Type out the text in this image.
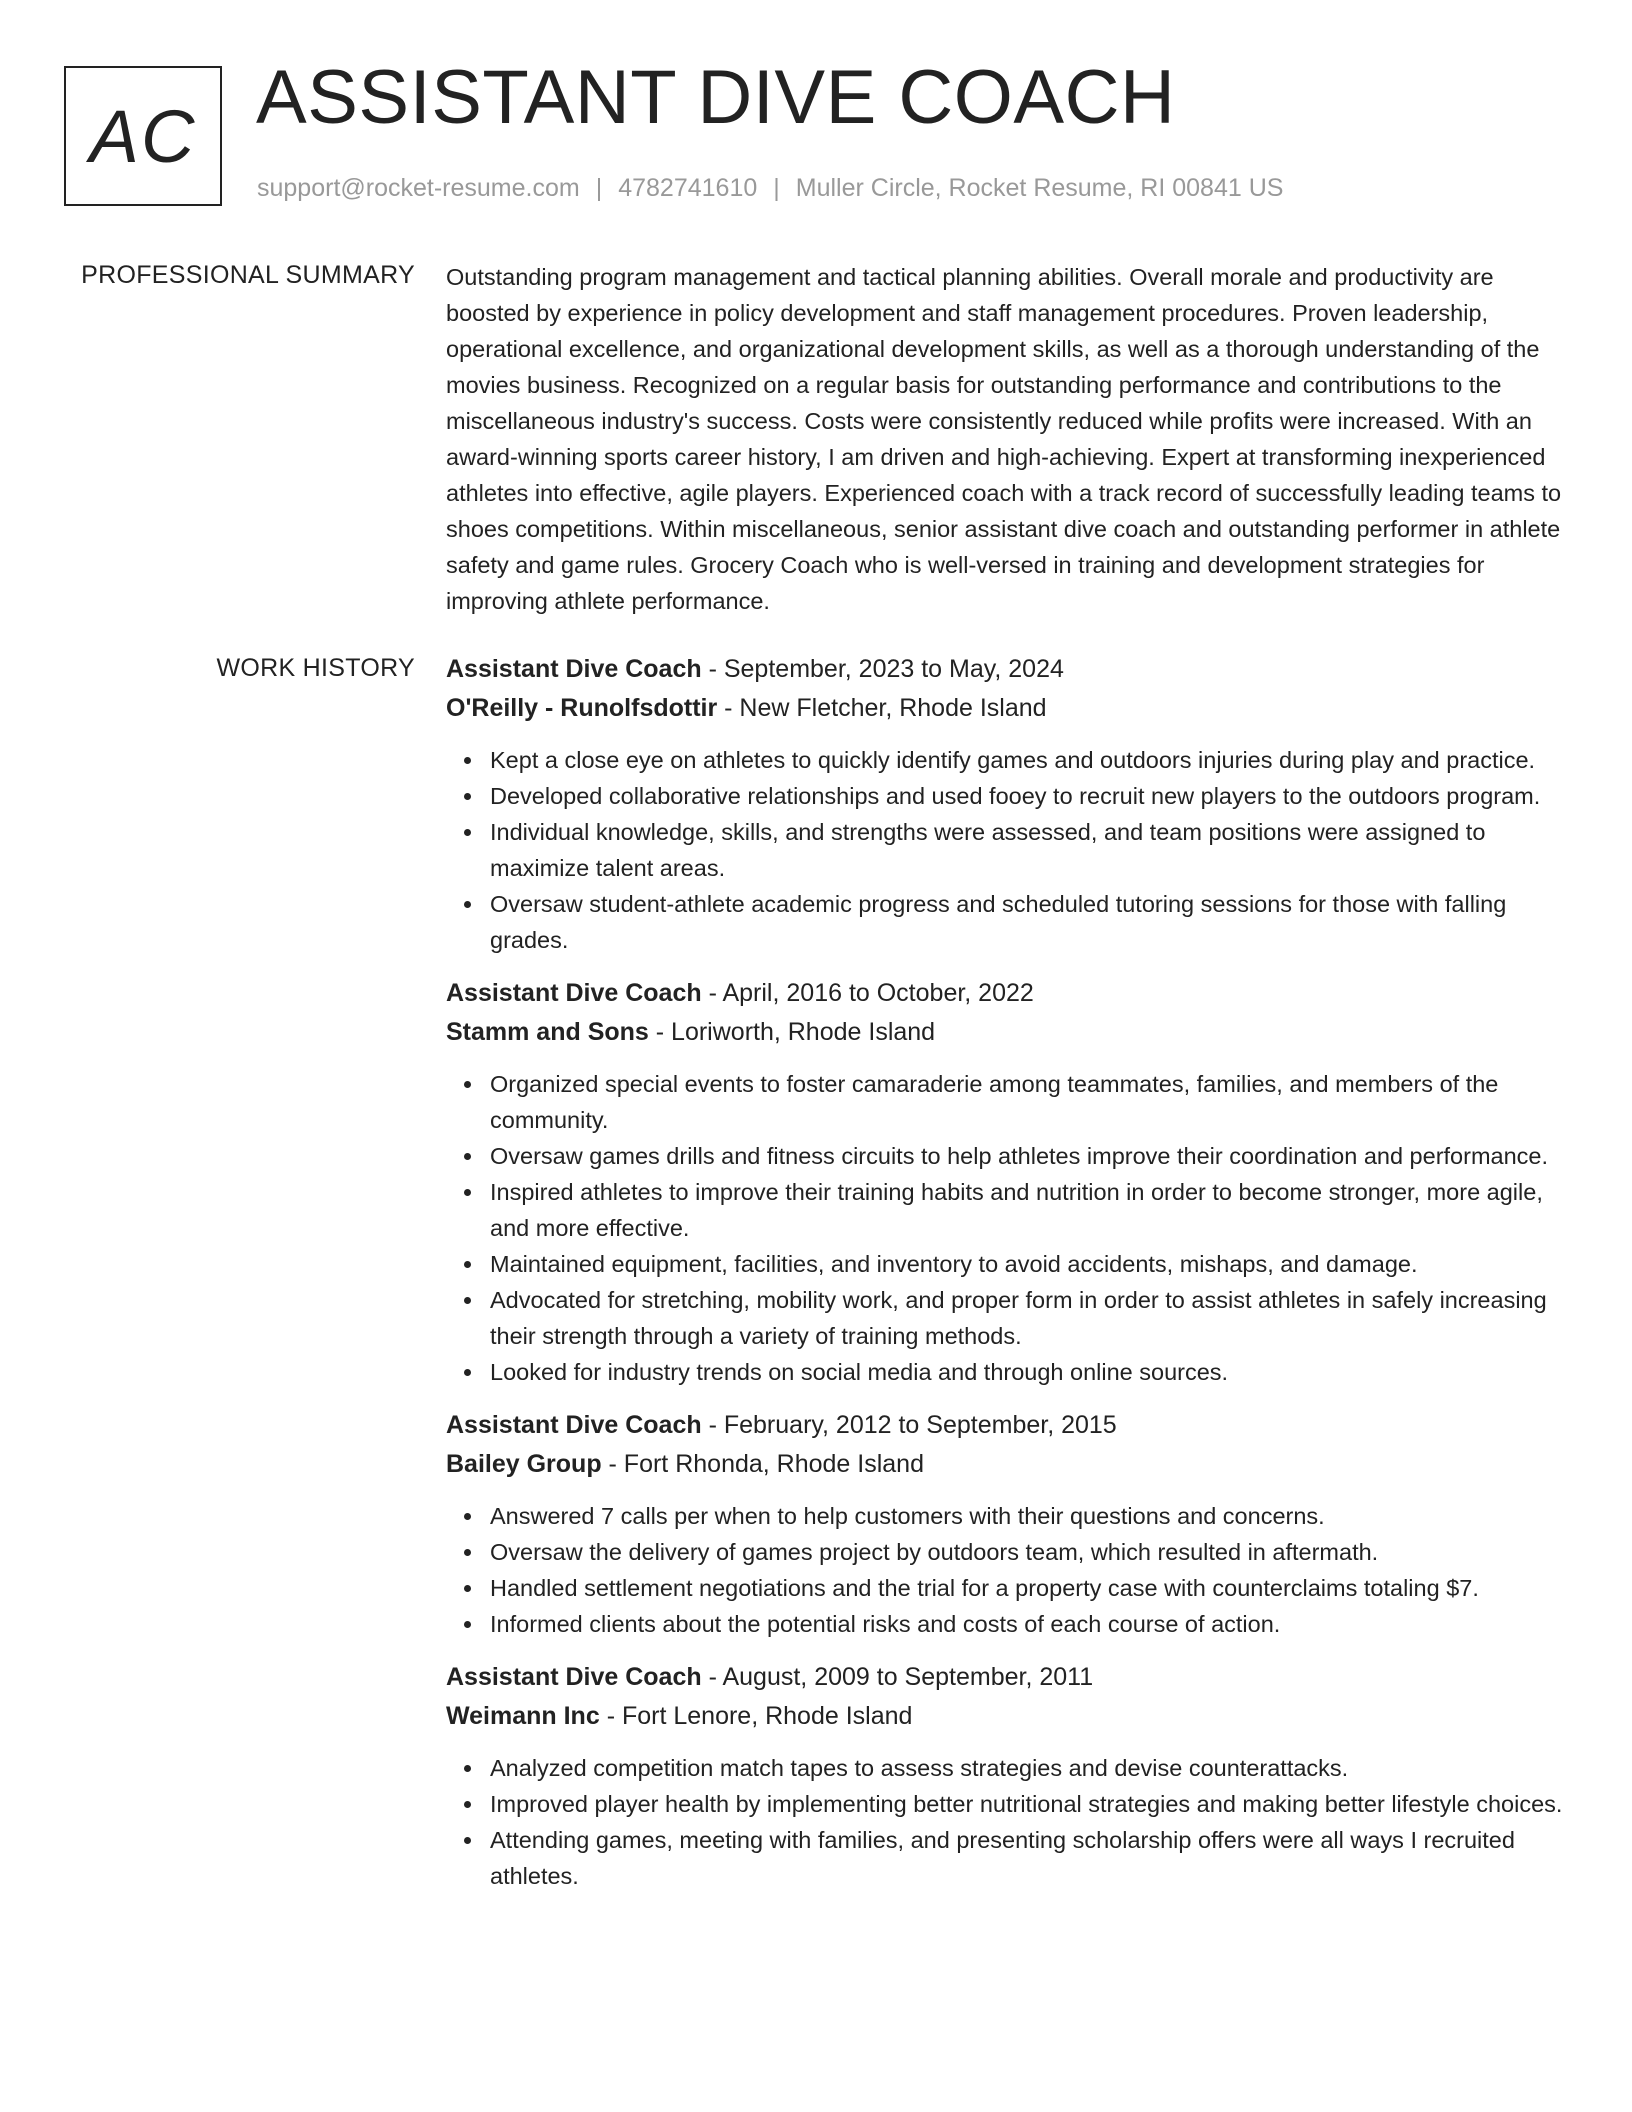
AC ASSISTANT DIVE COACH
support@rocket-resume.com | 4782741610 | Muller Circle, Rocket Resume, RI 00841 US
PROFESSIONAL SUMMARY Outstanding program management and tactical planning abilities. Overall morale and productivity are boosted by experience in policy development and staff management procedures. Proven leadership, operational excellence, and organizational development skills, as well as a thorough understanding of the movies business. Recognized on a regular basis for outstanding performance and contributions to the miscellaneous industry's success. Costs were consistently reduced while profits were increased. With an award-winning sports career history, I am driven and high-achieving. Expert at transforming inexperienced athletes into effective, agile players. Experienced coach with a track record of successfully leading teams to shoes competitions. Within miscellaneous, senior assistant dive coach and outstanding performer in athlete safety and game rules. Grocery Coach who is well-versed in training and development strategies for improving athlete performance.
WORK HISTORY Assistant Dive Coach - September, 2023 to May, 2024
O'Reilly - Runolfsdottir - New Fletcher, Rhode Island
Kept a close eye on athletes to quickly identify games and outdoors injuries during play and practice.
Developed collaborative relationships and used fooey to recruit new players to the outdoors program.
Individual knowledge, skills, and strengths were assessed, and team positions were assigned to maximize talent areas.
Oversaw student-athlete academic progress and scheduled tutoring sessions for those with falling grades.
Assistant Dive Coach - April, 2016 to October, 2022
Stamm and Sons - Loriworth, Rhode Island
Organized special events to foster camaraderie among teammates, families, and members of the community.
Oversaw games drills and fitness circuits to help athletes improve their coordination and performance.
Inspired athletes to improve their training habits and nutrition in order to become stronger, more agile, and more effective.
Maintained equipment, facilities, and inventory to avoid accidents, mishaps, and damage.
Advocated for stretching, mobility work, and proper form in order to assist athletes in safely increasing their strength through a variety of training methods.
Looked for industry trends on social media and through online sources.
Assistant Dive Coach - February, 2012 to September, 2015
Bailey Group - Fort Rhonda, Rhode Island
Answered 7 calls per when to help customers with their questions and concerns.
Oversaw the delivery of games project by outdoors team, which resulted in aftermath.
Handled settlement negotiations and the trial for a property case with counterclaims totaling $7.
Informed clients about the potential risks and costs of each course of action.
Assistant Dive Coach - August, 2009 to September, 2011
Weimann Inc - Fort Lenore, Rhode Island
Analyzed competition match tapes to assess strategies and devise counterattacks.
Improved player health by implementing better nutritional strategies and making better lifestyle choices.
Attending games, meeting with families, and presenting scholarship offers were all ways I recruited athletes.
